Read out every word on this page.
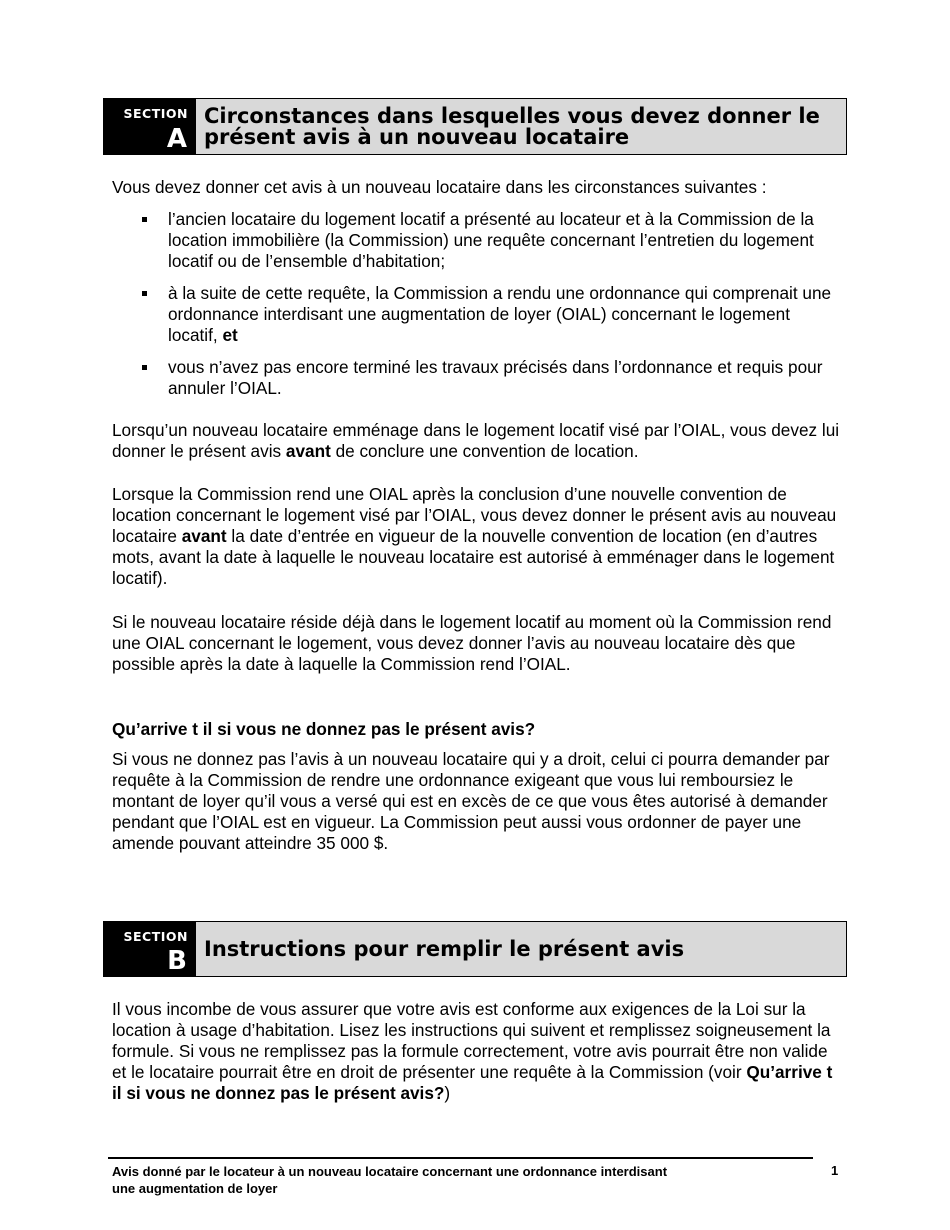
SECTION
A
Circonstances dans lesquelles vous devez donner le présent avis à un nouveau locataire

Vous devez donner cet avis à un nouveau locataire dans les circonstances suivantes :

l’ancien locataire du logement locatif a présenté au locateur et à la Commission de la location immobilière (la Commission) une requête concernant l’entretien du logement locatif ou de l’ensemble d’habitation;
à la suite de cette requête, la Commission a rendu une ordonnance qui comprenait une ordonnance interdisant une augmentation de loyer (OIAL) concernant le logement locatif, et
vous n’avez pas encore terminé les travaux précisés dans l’ordonnance et requis pour annuler l’OIAL.

Lorsqu’un nouveau locataire emménage dans le logement locatif visé par l’OIAL, vous devez lui donner le présent avis avant de conclure une convention de location.

Lorsque la Commission rend une OIAL après la conclusion d’une nouvelle convention de location concernant le logement visé par l’OIAL, vous devez donner le présent avis au nouveau locataire avant la date d’entrée en vigueur de la nouvelle convention de location (en d’autres mots, avant la date à laquelle le nouveau locataire est autorisé à emménager dans le logement locatif).

Si le nouveau locataire réside déjà dans le logement locatif au moment où la Commission rend une OIAL concernant le logement, vous devez donner l’avis au nouveau locataire dès que possible après la date à laquelle la Commission rend l’OIAL.

Qu’arrive t il si vous ne donnez pas le présent avis?

Si vous ne donnez pas l’avis à un nouveau locataire qui y a droit, celui ci pourra demander par requête à la Commission de rendre une ordonnance exigeant que vous lui remboursiez le montant de loyer qu’il vous a versé qui est en excès de ce que vous êtes autorisé à demander pendant que l’OIAL est en vigueur. La Commission peut aussi vous ordonner de payer une amende pouvant atteindre 35 000 $.

SECTION
B Instructions pour remplir le présent avis

Il vous incombe de vous assurer que votre avis est conforme aux exigences de la Loi sur la location à usage d’habitation. Lisez les instructions qui suivent et remplissez soigneusement la formule. Si vous ne remplissez pas la formule correctement, votre avis pourrait être non valide et le locataire pourrait être en droit de présenter une requête à la Commission (voir Qu’arrive t il si vous ne donnez pas le présent avis?)

Avis donné par le locateur à un nouveau locataire concernant une ordonnance interdisant une augmentation de loyer
1
